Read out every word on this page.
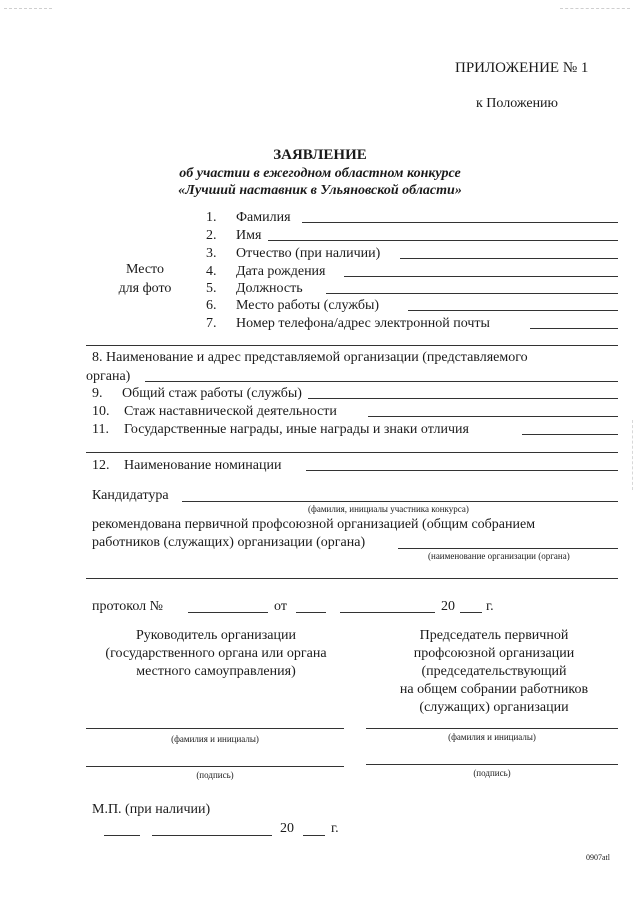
ПРИЛОЖЕНИЕ № 1
к Положению
ЗАЯВЛЕНИЕ
об участии в ежегодном областном конкурсе
«Лучший наставник в Ульяновской области»
Место
для фото
1. Фамилия
2. Имя
3. Отчество (при наличии)
4. Дата рождения
5. Должность
6. Место работы (службы)
7. Номер телефона/адрес электронной почты
8. Наименование и адрес представляемой организации (представляемого
органа)
9. Общий стаж работы (службы)
10. Стаж наставнической деятельности
11. Государственные награды, иные награды и знаки отличия
12. Наименование номинации
Кандидатура
(фамилия, инициалы участника конкурса)
рекомендована первичной профсоюзной организацией (общим собранием
работников (служащих) организации (органа)
(наименование организации (органа)
протокол №	от	20 г.
Руководитель организации
(государственного органа или органа
местного самоуправления)
(фамилия и инициалы)
(подпись)
Председатель первичной
профсоюзной организации
(председательствующий
на общем собрании работников
(служащих) организации
(фамилия и инициалы)
(подпись)
М.П. (при наличии)
20	г.
0907atl
